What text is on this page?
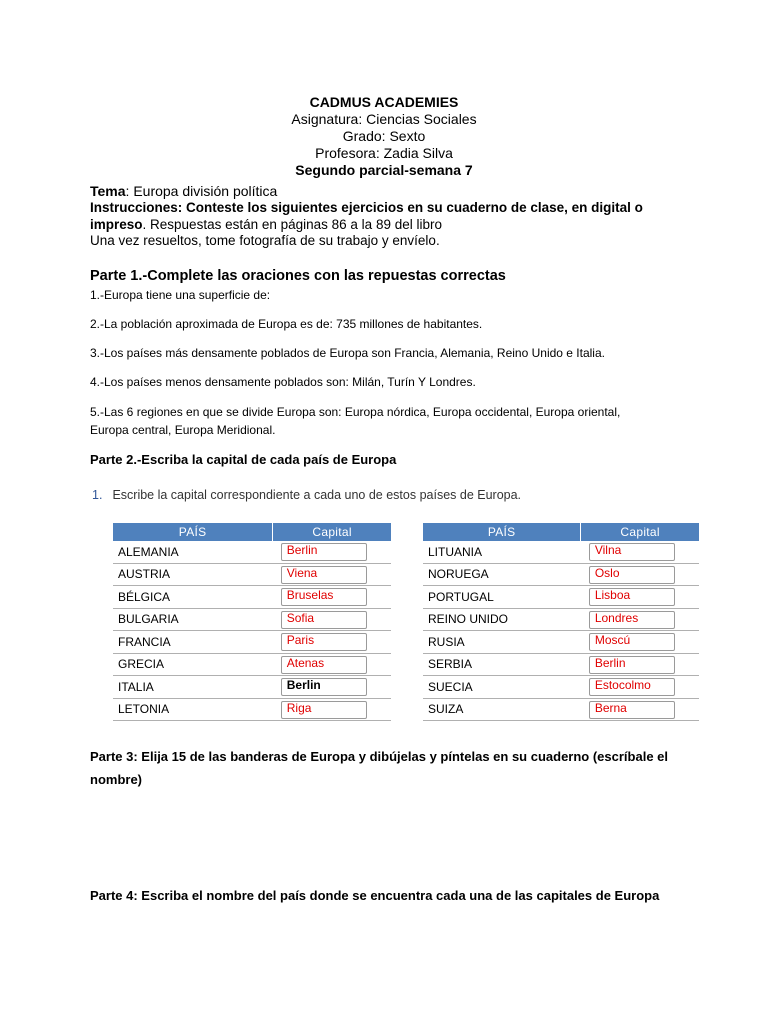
CADMUS ACADEMIES
Asignatura: Ciencias Sociales
Grado: Sexto
Profesora: Zadia Silva
Segundo parcial-semana 7
Tema: Europa división política
Instrucciones: Conteste los siguientes ejercicios en su cuaderno de clase, en digital o impreso. Respuestas están en páginas 86 a la 89 del libro
Una vez resueltos, tome fotografía de su trabajo y envíelo.
Parte 1.-Complete las oraciones con las repuestas correctas
1.-Europa tiene una superficie de:
2.-La población aproximada de Europa es de: 735 millones de habitantes.
3.-Los países más densamente poblados de Europa son Francia, Alemania, Reino Unido e Italia.
4.-Los países menos densamente poblados son: Milán, Turín Y Londres.
5.-Las 6 regiones en que se divide Europa son: Europa nórdica, Europa occidental, Europa oriental,
Europa central, Europa Meridional.
Parte 2.-Escriba la capital de cada país de Europa
1. Escribe la capital correspondiente a cada uno de estos países de Europa.
PAÍS	Capital
ALEMANIA	Berlin

AUSTRIA	Viena

BÉLGICA	Bruselas

BULGARIA	Sofia

FRANCIA	Paris

GRECIA	Atenas

ITALIA	Berlin

LETONIA	Riga
PAÍS	Capital
LITUANIA	Vilna

NORUEGA	Oslo

PORTUGAL	Lisboa

REINO UNIDO	Londres

RUSIA	Moscú

SERBIA	Berlin

SUECIA	Estocolmo

SUIZA	Berna
Parte 3: Elija 15 de las banderas de Europa y dibújelas y píntelas en su cuaderno (escríbale el
nombre)
Parte 4: Escriba el nombre del país donde se encuentra cada una de las capitales de Europa
